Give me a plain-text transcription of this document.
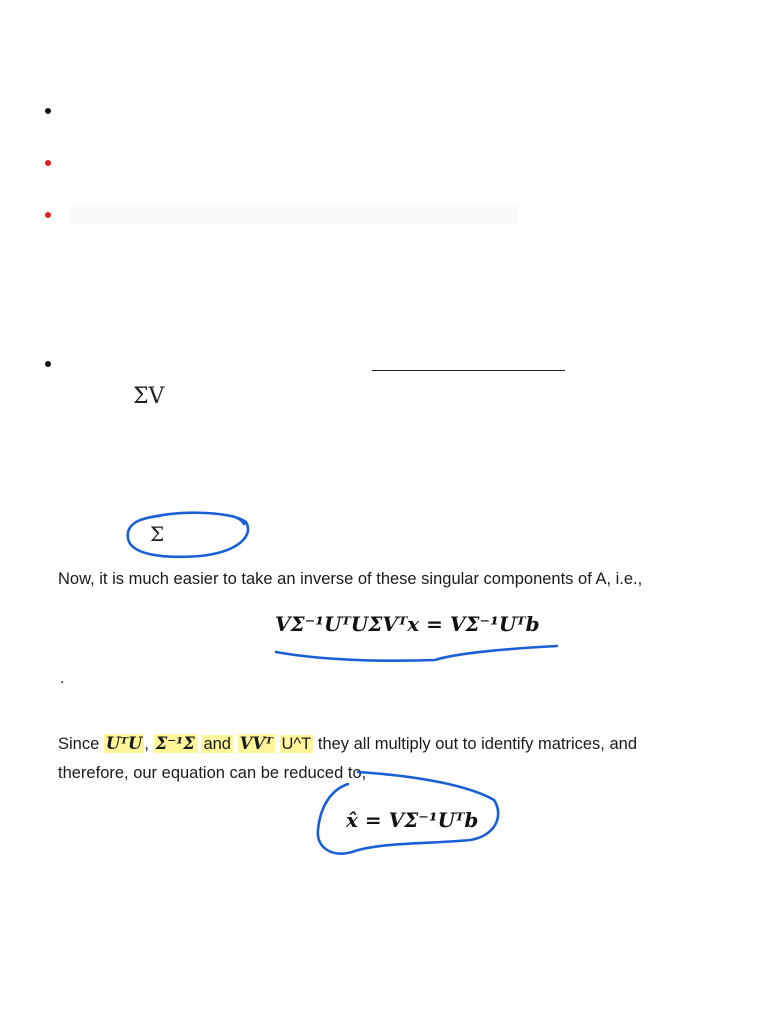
ΣV
Σ
Now, it is much easier to take an inverse of these singular components of A, i.e.,
VΣ⁻¹UᵀUΣVᵀx = VΣ⁻¹Uᵀb
.
Since UᵀU , Σ⁻¹Σ and VVᵀ U^T they all multiply out to identify matrices, and
therefore, our equation can be reduced to,
x̂ = VΣ⁻¹Uᵀb
